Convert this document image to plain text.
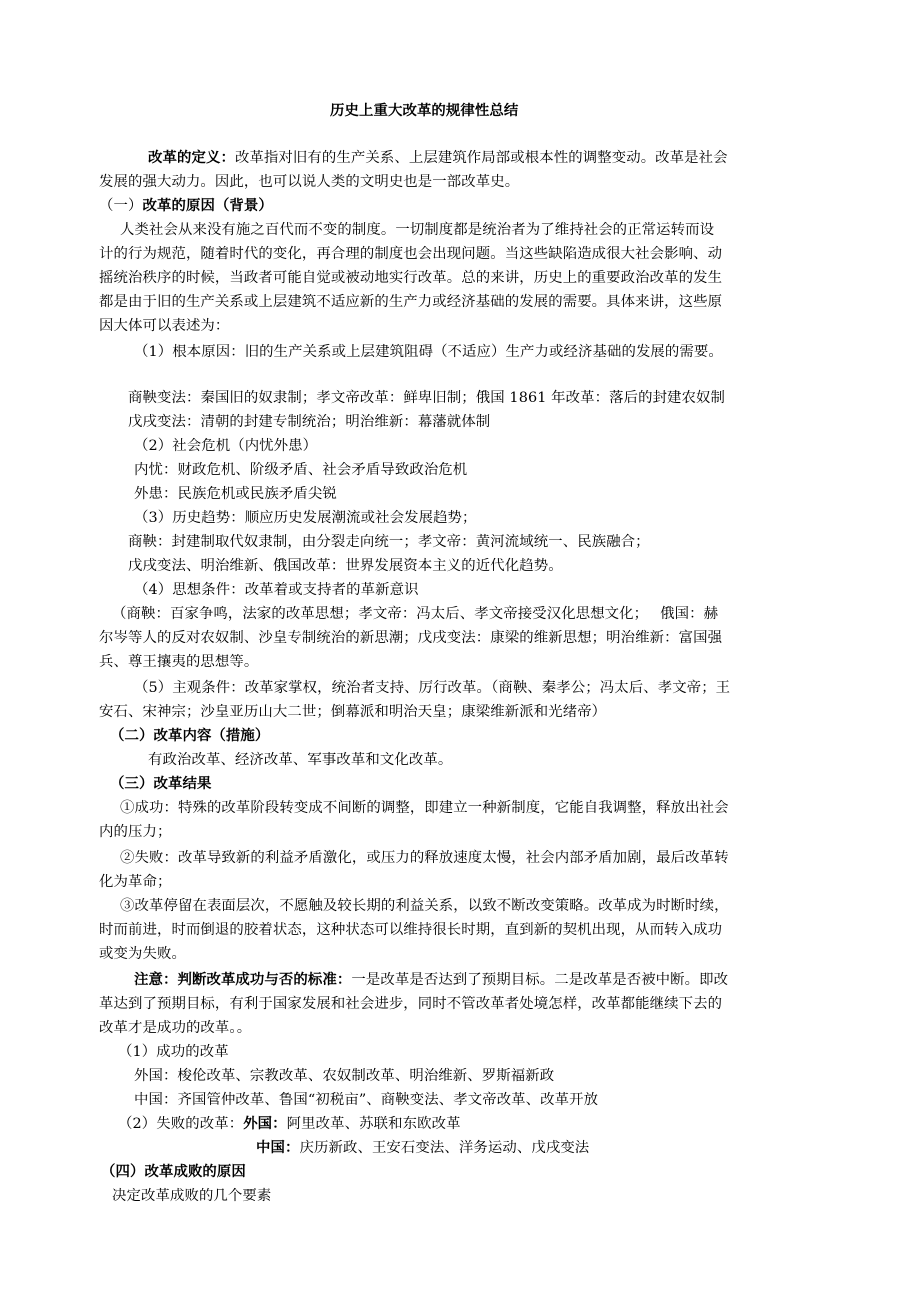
历史上重大改革的规律性总结
改革的定义：改革指对旧有的生产关系、上层建筑作局部或根本性的调整变动。改革是社会
发展的强大动力。因此，也可以说人类的文明史也是一部改革史。
（一）改革的原因（背景）
人类社会从来没有施之百代而不变的制度。一切制度都是统治者为了维持社会的正常运转而设
计的行为规范，随着时代的变化，再合理的制度也会出现问题。当这些缺陷造成很大社会影响、动
摇统治秩序的时候，当政者可能自觉或被动地实行改革。总的来讲，历史上的重要政治改革的发生
都是由于旧的生产关系或上层建筑不适应新的生产力或经济基础的发展的需要。具体来讲，这些原
因大体可以表述为：
（1）根本原因：旧的生产关系或上层建筑阻碍（不适应）生产力或经济基础的发展的需要。
商鞅变法：秦国旧的奴隶制；孝文帝改革：鲜卑旧制；俄国 1861 年改革：落后的封建农奴制
戊戌变法：清朝的封建专制统治；明治维新：幕藩就体制
（2）社会危机（内忧外患）
内忧：财政危机、阶级矛盾、社会矛盾导致政治危机
外患：民族危机或民族矛盾尖锐
（3）历史趋势：顺应历史发展潮流或社会发展趋势；
商鞅：封建制取代奴隶制，由分裂走向统一；孝文帝：黄河流域统一、民族融合；
戊戌变法、明治维新、俄国改革：世界发展资本主义的近代化趋势。
（4）思想条件：改革着或支持者的革新意识
（商鞅：百家争鸣，法家的改革思想；孝文帝：冯太后、孝文帝接受汉化思想文化；　 俄国：赫
尔岑等人的反对农奴制、沙皇专制统治的新思潮；戊戌变法：康梁的维新思想；明治维新：富国强
兵、尊王攘夷的思想等。
（5）主观条件：改革家掌权，统治者支持、厉行改革。（商鞅、秦孝公；冯太后、孝文帝；王
安石、宋神宗；沙皇亚历山大二世；倒幕派和明治天皇；康梁维新派和光绪帝）
（二）改革内容（措施）
有政治改革、经济改革、军事改革和文化改革。
（三）改革结果
①成功：特殊的改革阶段转变成不间断的调整，即建立一种新制度，它能自我调整，释放出社会
内的压力；
②失败：改革导致新的利益矛盾激化，或压力的释放速度太慢，社会内部矛盾加剧，最后改革转
化为革命；
③改革停留在表面层次，不愿触及较长期的利益关系，以致不断改变策略。改革成为时断时续，
时而前进，时而倒退的胶着状态，这种状态可以维持很长时期，直到新的契机出现，从而转入成功
或变为失败。
注意：判断改革成功与否的标准：一是改革是否达到了预期目标。二是改革是否被中断。即改
革达到了预期目标，有利于国家发展和社会进步，同时不管改革者处境怎样，改革都能继续下去的
改革才是成功的改革。。
（1）成功的改革
外国：梭伦改革、宗教改革、农奴制改革、明治维新、罗斯福新政
中国：齐国管仲改革、鲁国“初税亩”、商鞅变法、孝文帝改革、改革开放
（2）失败的改革：外国：阿里改革、苏联和东欧改革
中国：庆历新政、王安石变法、洋务运动、戊戌变法
（四）改革成败的原因
决定改革成败的几个要素
